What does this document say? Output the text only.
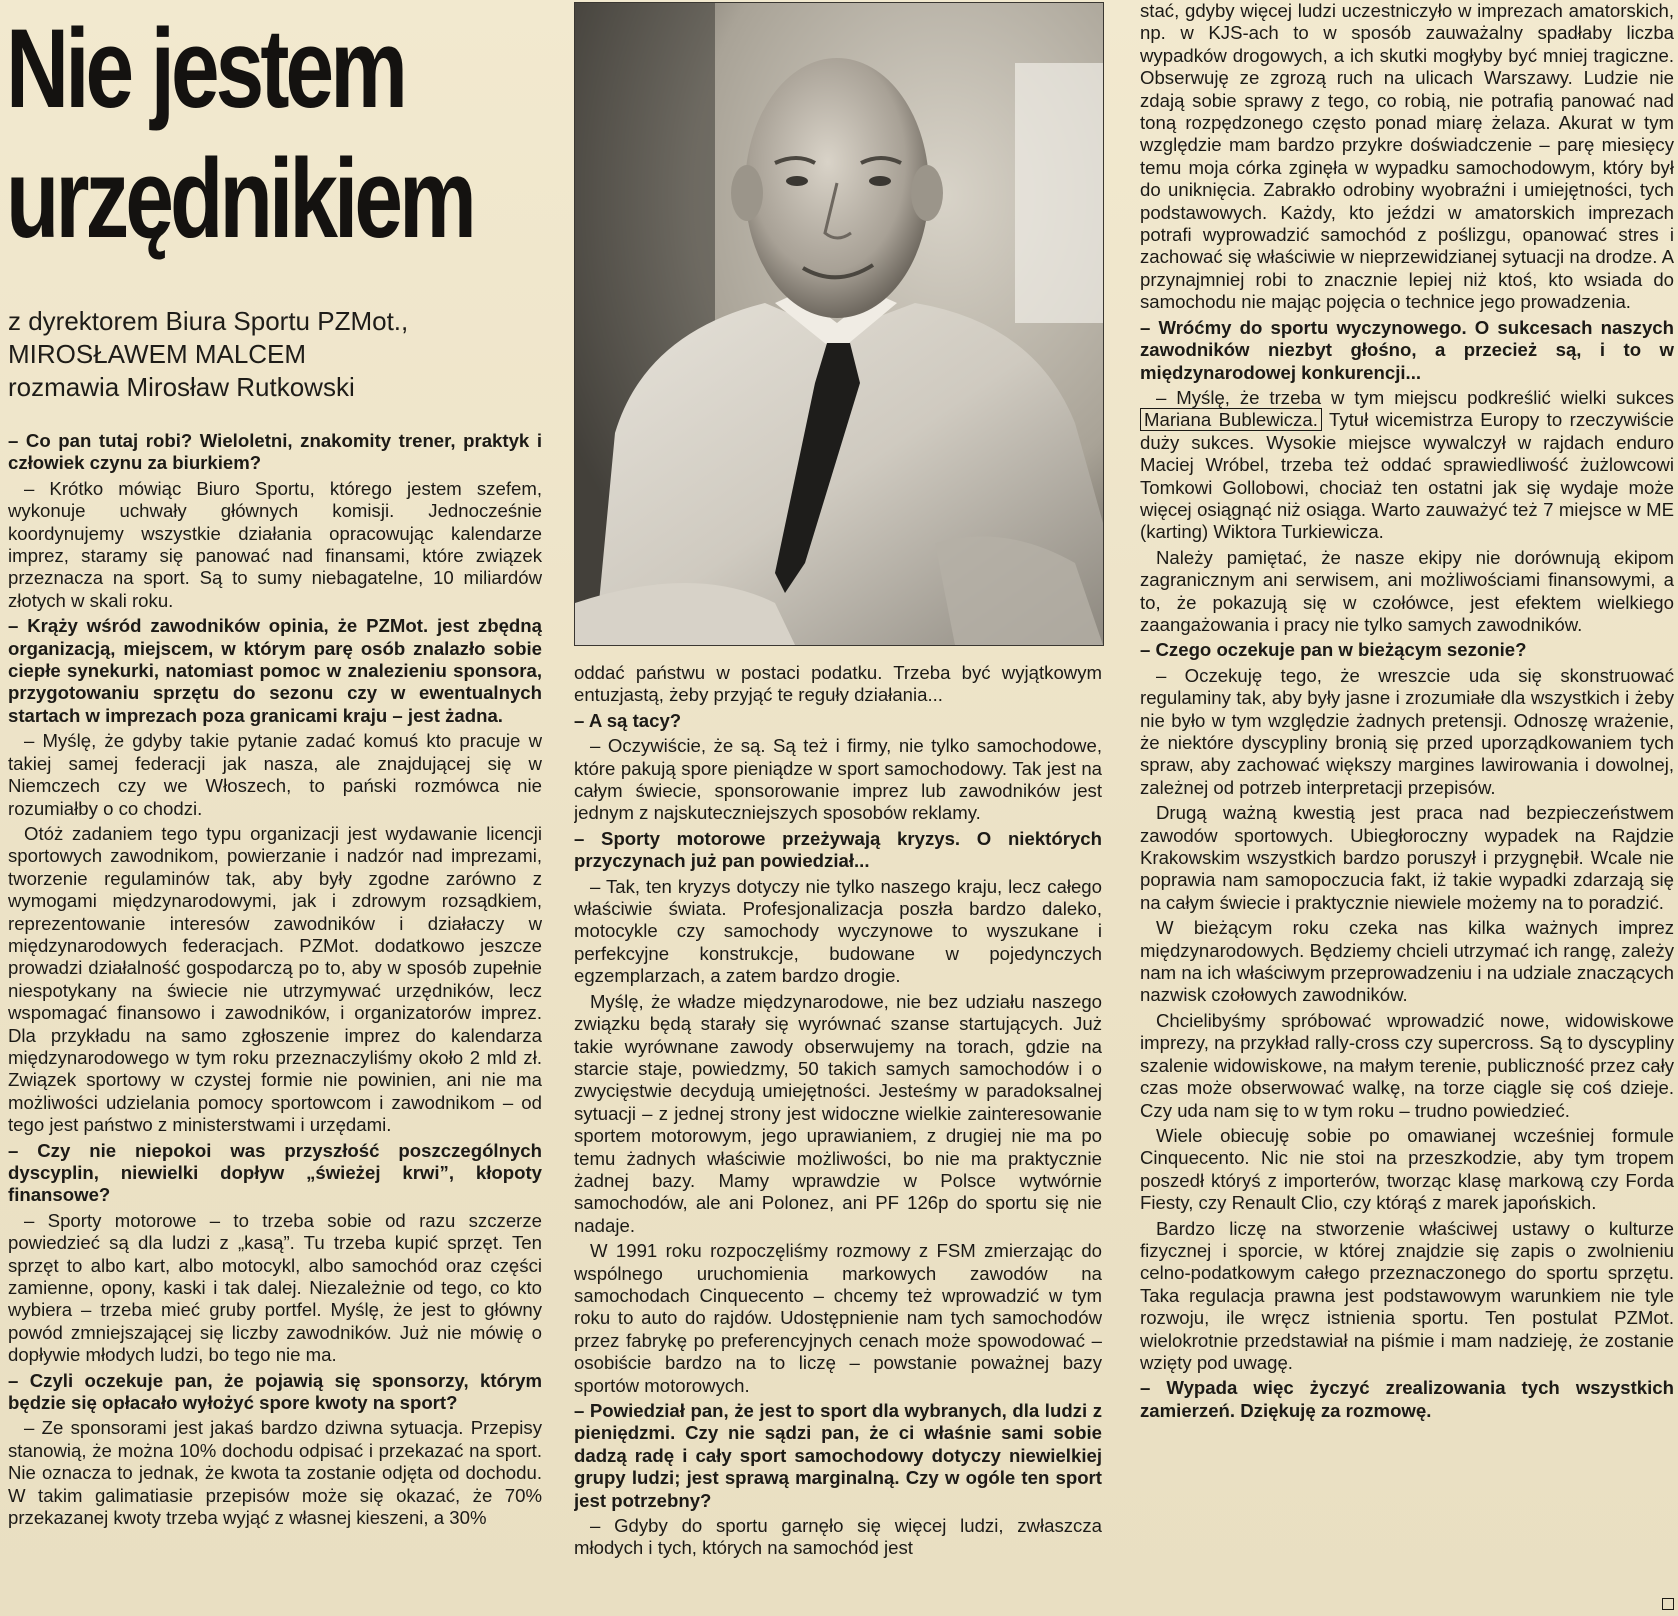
Nie jestem
urzędnikiem
z dyrektorem Biura Sportu PZMot.,
MIROSŁAWEM MALCEM
rozmawia Mirosław Rutkowski

– Co pan tutaj robi? Wieloletni, znakomity trener, praktyk i człowiek czynu za biurkiem?

– Krótko mówiąc Biuro Sportu, którego jestem szefem, wykonuje uchwały głównych komisji. Jednocześnie koordynujemy wszystkie działania opracowując kalendarze imprez, staramy się panować nad finansami, które związek przeznacza na sport. Są to sumy niebagatelne, 10 miliardów złotych w skali roku.

– Krąży wśród zawodników opinia, że PZMot. jest zbędną organizacją, miejscem, w którym parę osób znalazło sobie ciepłe synekurki, natomiast pomoc w znalezieniu sponsora, przygotowaniu sprzętu do sezonu czy w ewentualnych startach w imprezach poza granicami kraju – jest żadna.

– Myślę, że gdyby takie pytanie zadać komuś kto pracuje w takiej samej federacji jak nasza, ale znajdującej się w Niemczech czy we Włoszech, to pański rozmówca nie rozumiałby o co chodzi.

Otóż zadaniem tego typu organizacji jest wydawanie licencji sportowych zawodnikom, powierzanie i nadzór nad imprezami, tworzenie regulaminów tak, aby były zgodne zarówno z wymogami międzynarodowymi, jak i zdrowym rozsądkiem, reprezentowanie interesów zawodników i działaczy w międzynarodowych federacjach. PZMot. dodatkowo jeszcze prowadzi działalność gospodarczą po to, aby w sposób zupełnie niespotykany na świecie nie utrzymywać urzędników, lecz wspomagać finansowo i zawodników, i organizatorów imprez. Dla przykładu na samo zgłoszenie imprez do kalendarza międzynarodowego w tym roku przeznaczyliśmy około 2 mld zł. Związek sportowy w czystej formie nie powinien, ani nie ma możliwości udzielania pomocy sportowcom i zawodnikom – od tego jest państwo z ministerstwami i urzędami.

– Czy nie niepokoi was przyszłość poszczególnych dyscyplin, niewielki dopływ „świeżej krwi”, kłopoty finansowe?

– Sporty motorowe – to trzeba sobie od razu szczerze powiedzieć są dla ludzi z „kasą”. Tu trzeba kupić sprzęt. Ten sprzęt to albo kart, albo motocykl, albo samochód oraz części zamienne, opony, kaski i tak dalej. Niezależnie od tego, co kto wybiera – trzeba mieć gruby portfel. Myślę, że jest to główny powód zmniejszającej się liczby zawodników. Już nie mówię o dopływie młodych ludzi, bo tego nie ma.

– Czyli oczekuje pan, że pojawią się sponsorzy, którym będzie się opłacało wyłożyć spore kwoty na sport?

– Ze sponsorami jest jakaś bardzo dziwna sytuacja. Przepisy stanowią, że można 10% dochodu odpisać i przekazać na sport. Nie oznacza to jednak, że kwota ta zostanie odjęta od dochodu. W takim galimatiasie przepisów może się okazać, że 70% przekazanej kwoty trzeba wyjąć z własnej kieszeni, a 30%

oddać państwu w postaci podatku. Trzeba być wyjątkowym entuzjastą, żeby przyjąć te reguły działania...

– A są tacy?

– Oczywiście, że są. Są też i firmy, nie tylko samochodowe, które pakują spore pieniądze w sport samochodowy. Tak jest na całym świecie, sponsorowanie imprez lub zawodników jest jednym z najskuteczniejszych sposobów reklamy.

– Sporty motorowe przeżywają kryzys. O niektórych przyczynach już pan powiedział...

– Tak, ten kryzys dotyczy nie tylko naszego kraju, lecz całego właściwie świata. Profesjonalizacja poszła bardzo daleko, motocykle czy samochody wyczynowe to wyszukane i perfekcyjne konstrukcje, budowane w pojedynczych egzemplarzach, a zatem bardzo drogie.

Myślę, że władze międzynarodowe, nie bez udziału naszego związku będą starały się wyrównać szanse startujących. Już takie wyrównane zawody obserwujemy na torach, gdzie na starcie staje, powiedzmy, 50 takich samych samochodów i o zwycięstwie decydują umiejętności. Jesteśmy w paradoksalnej sytuacji – z jednej strony jest widoczne wielkie zainteresowanie sportem motorowym, jego uprawianiem, z drugiej nie ma po temu żadnych właściwie możliwości, bo nie ma praktycznie żadnej bazy. Mamy wprawdzie w Polsce wytwórnie samochodów, ale ani Polonez, ani PF 126p do sportu się nie nadaje.

W 1991 roku rozpoczęliśmy rozmowy z FSM zmierzając do wspólnego uruchomienia markowych zawodów na samochodach Cinquecento – chcemy też wprowadzić w tym roku to auto do rajdów. Udostępnienie nam tych samochodów przez fabrykę po preferencyjnych cenach może spowodować – osobiście bardzo na to liczę – powstanie poważnej bazy sportów motorowych.

– Powiedział pan, że jest to sport dla wybranych, dla ludzi z pieniędzmi. Czy nie sądzi pan, że ci właśnie sami sobie dadzą radę i cały sport samochodowy dotyczy niewielkiej grupy ludzi; jest sprawą marginalną. Czy w ogóle ten sport jest potrzebny?

– Gdyby do sportu garnęło się więcej ludzi, zwłaszcza młodych i tych, których na samochód jest

stać, gdyby więcej ludzi uczestniczyło w imprezach amatorskich, np. w KJS-ach to w sposób zauważalny spadłaby liczba wypadków drogowych, a ich skutki mogłyby być mniej tragiczne. Obserwuję ze zgrozą ruch na ulicach Warszawy. Ludzie nie zdają sobie sprawy z tego, co robią, nie potrafią panować nad toną rozpędzonego często ponad miarę żelaza. Akurat w tym względzie mam bardzo przykre doświadczenie – parę miesięcy temu moja córka zginęła w wypadku samochodowym, który był do uniknięcia. Zabrakło odrobiny wyobraźni i umiejętności, tych podstawowych. Każdy, kto jeździ w amatorskich imprezach potrafi wyprowadzić samochód z poślizgu, opanować stres i zachować się właściwie w nieprzewidzianej sytuacji na drodze. A przynajmniej robi to znacznie lepiej niż ktoś, kto wsiada do samochodu nie mając pojęcia o technice jego prowadzenia.

– Wróćmy do sportu wyczynowego. O sukcesach naszych zawodników niezbyt głośno, a przecież są, i to w międzynarodowej konkurencji...

– Myślę, że trzeba w tym miejscu podkreślić wielki sukces Mariana Bublewicza. Tytuł wicemistrza Europy to rzeczywiście duży sukces. Wysokie miejsce wywalczył w rajdach enduro Maciej Wróbel, trzeba też oddać sprawiedliwość żużlowcowi Tomkowi Gollobowi, chociaż ten ostatni jak się wydaje może więcej osiągnąć niż osiąga. Warto zauważyć też 7 miejsce w ME (karting) Wiktora Turkiewicza.

Należy pamiętać, że nasze ekipy nie dorównują ekipom zagranicznym ani serwisem, ani możliwościami finansowymi, a to, że pokazują się w czołówce, jest efektem wielkiego zaangażowania i pracy nie tylko samych zawodników.

– Czego oczekuje pan w bieżącym sezonie?

– Oczekuję tego, że wreszcie uda się skonstruować regulaminy tak, aby były jasne i zrozumiałe dla wszystkich i żeby nie było w tym względzie żadnych pretensji. Odnoszę wrażenie, że niektóre dyscypliny bronią się przed uporządkowaniem tych spraw, aby zachować większy margines lawirowania i dowolnej, zależnej od potrzeb interpretacji przepisów.

Drugą ważną kwestią jest praca nad bezpieczeństwem zawodów sportowych. Ubiegłoroczny wypadek na Rajdzie Krakowskim wszystkich bardzo poruszył i przygnębił. Wcale nie poprawia nam samopoczucia fakt, iż takie wypadki zdarzają się na całym świecie i praktycznie niewiele możemy na to poradzić.

W bieżącym roku czeka nas kilka ważnych imprez międzynarodowych. Będziemy chcieli utrzymać ich rangę, zależy nam na ich właściwym przeprowadzeniu i na udziale znaczących nazwisk czołowych zawodników.

Chcielibyśmy spróbować wprowadzić nowe, widowiskowe imprezy, na przykład rally-cross czy supercross. Są to dyscypliny szalenie widowiskowe, na małym terenie, publiczność przez cały czas może obserwować walkę, na torze ciągle się coś dzieje. Czy uda nam się to w tym roku – trudno powiedzieć.

Wiele obiecuję sobie po omawianej wcześniej formule Cinquecento. Nic nie stoi na przeszkodzie, aby tym tropem poszedł któryś z importerów, tworząc klasę markową czy Forda Fiesty, czy Renault Clio, czy którąś z marek japońskich.

Bardzo liczę na stworzenie właściwej ustawy o kulturze fizycznej i sporcie, w której znajdzie się zapis o zwolnieniu celno-podatkowym całego przeznaczonego do sportu sprzętu. Taka regulacja prawna jest podstawowym warunkiem nie tyle rozwoju, ile wręcz istnienia sportu. Ten postulat PZMot. wielokrotnie przedstawiał na piśmie i mam nadzieję, że zostanie wzięty pod uwagę.

– Wypada więc życzyć zrealizowania tych wszystkich zamierzeń. Dziękuję za rozmowę.
